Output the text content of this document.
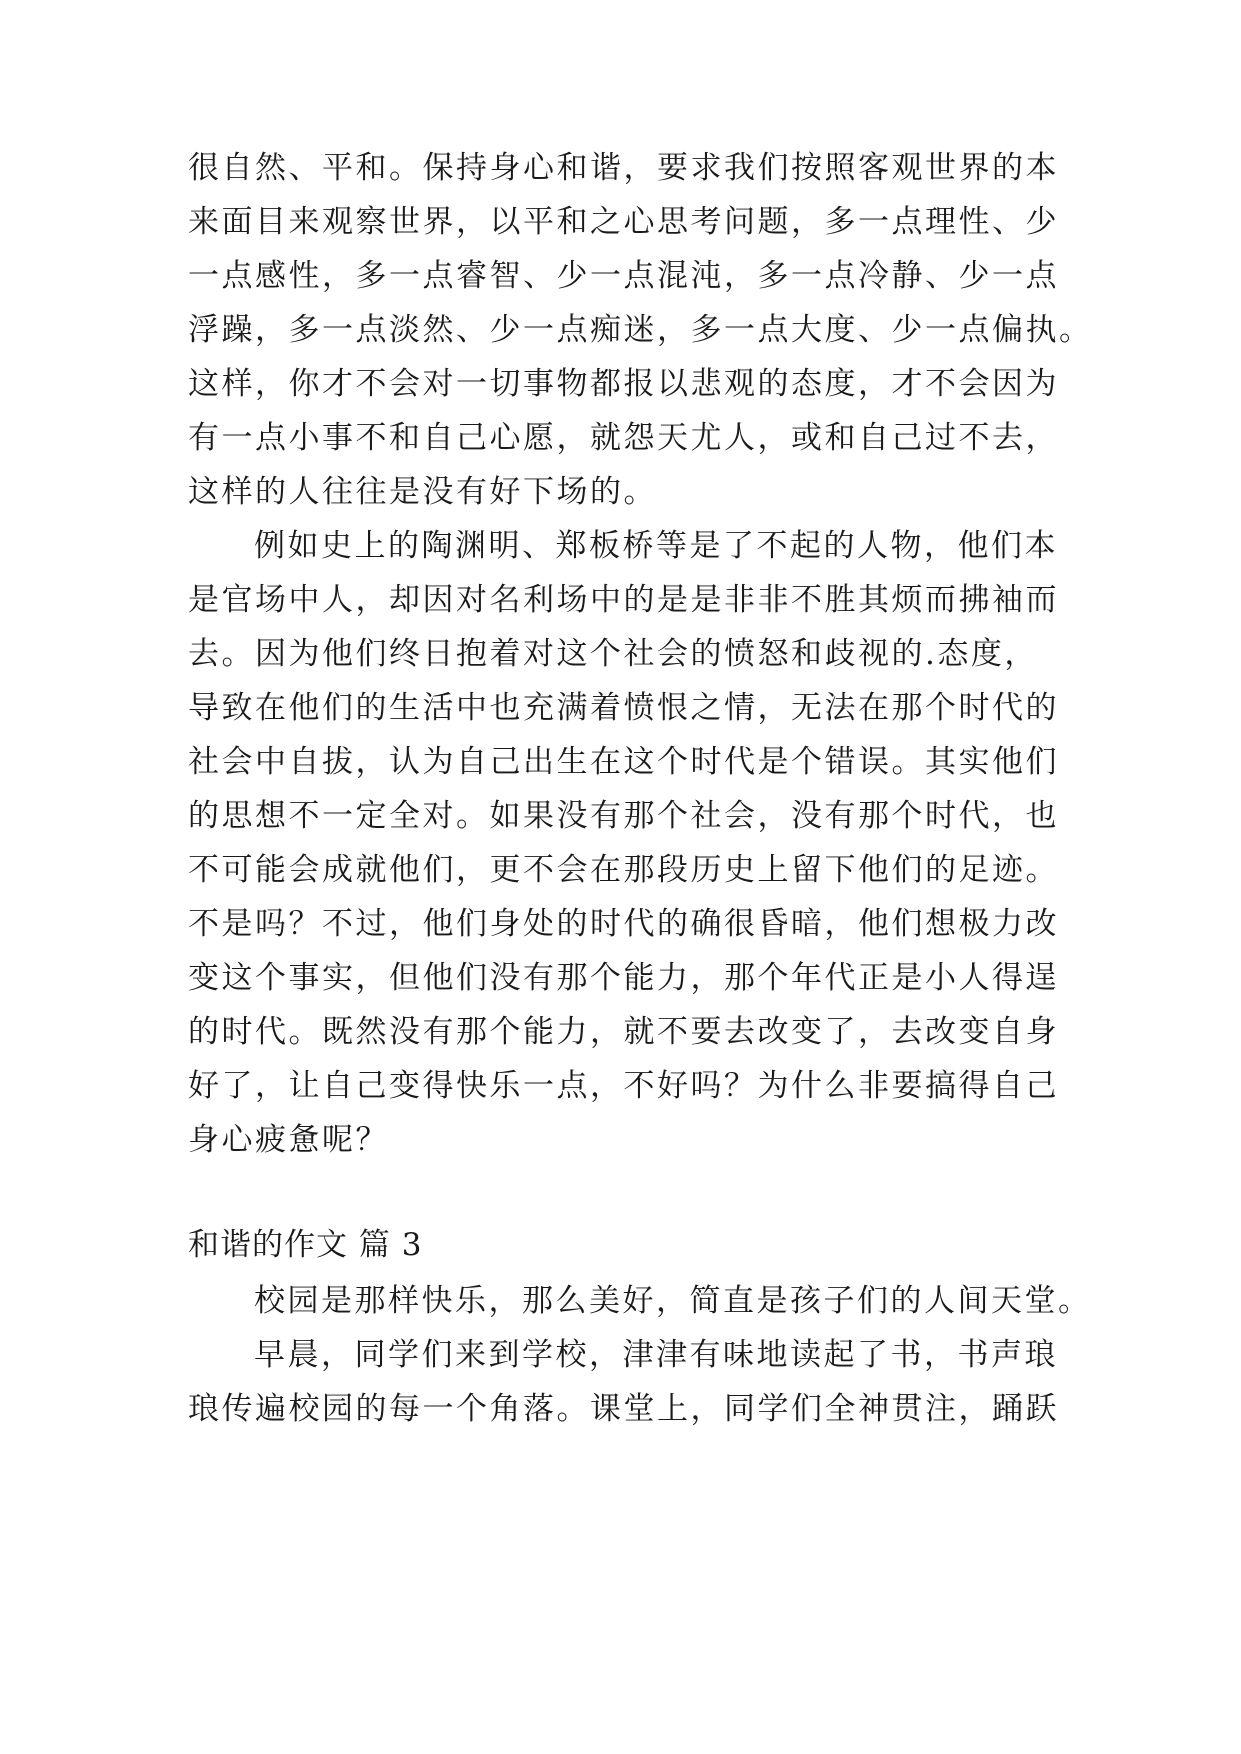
很自然、平和。保持身心和谐，要求我们按照客观世界的本
来面目来观察世界，以平和之心思考问题，多一点理性、少
一点感性，多一点睿智、少一点混沌，多一点冷静、少一点
浮躁，多一点淡然、少一点痴迷，多一点大度、少一点偏执。
这样，你才不会对一切事物都报以悲观的态度，才不会因为
有一点小事不和自己心愿，就怨天尤人，或和自己过不去，
这样的人往往是没有好下场的。
例如史上的陶渊明、郑板桥等是了不起的人物，他们本
是官场中人，却因对名利场中的是是非非不胜其烦而拂袖而
去。因为他们终日抱着对这个社会的愤怒和歧视的.态度，
导致在他们的生活中也充满着愤恨之情，无法在那个时代的
社会中自拔，认为自己出生在这个时代是个错误。其实他们
的思想不一定全对。如果没有那个社会，没有那个时代，也
不可能会成就他们，更不会在那段历史上留下他们的足迹。
不是吗？不过，他们身处的时代的确很昏暗，他们想极力改
变这个事实，但他们没有那个能力，那个年代正是小人得逞
的时代。既然没有那个能力，就不要去改变了，去改变自身
好了，让自己变得快乐一点，不好吗？为什么非要搞得自己
身心疲惫呢？
和谐的作文 篇 3
校园是那样快乐，那么美好，简直是孩子们的人间天堂。
早晨，同学们来到学校，津津有味地读起了书，书声琅
琅传遍校园的每一个角落。课堂上，同学们全神贯注，踊跃
